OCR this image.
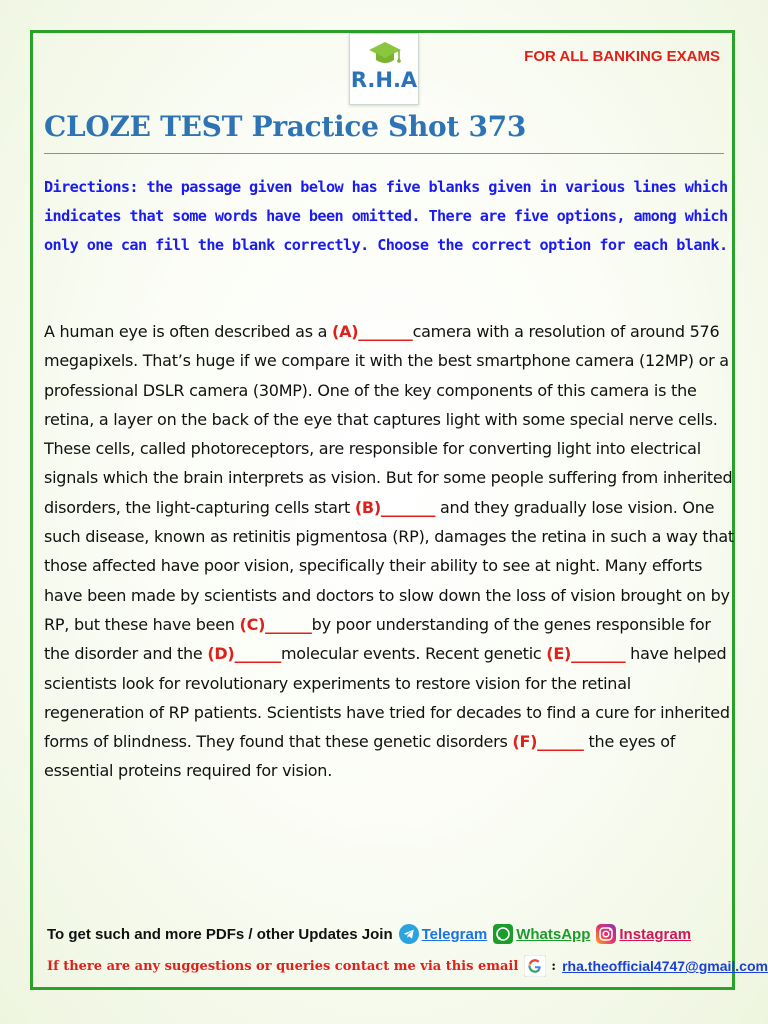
R.H.A
FOR ALL BANKING EXAMS
CLOZE TEST Practice Shot 373

Directions: the passage given below has five blanks given in various lines which indicates that some words have been omitted. There are five options, among which only one can fill the blank correctly. Choose the correct option for each blank.

A human eye is often described as a (A)_______camera with a resolution of around 576 megapixels. That’s huge if we compare it with the best smartphone camera (12MP) or a professional DSLR camera (30MP). One of the key components of this camera is the retina, a layer on the back of the eye that captures light with some special nerve cells. These cells, called photoreceptors, are responsible for converting light into electrical signals which the brain interprets as vision. But for some people suffering from inherited disorders, the light-capturing cells start (B)_______ and they gradually lose vision. One such disease, known as retinitis pigmentosa (RP), damages the retina in such a way that those affected have poor vision, specifically their ability to see at night. Many efforts have been made by scientists and doctors to slow down the loss of vision brought on by RP, but these have been (C)______by poor understanding of the genes responsible for the disorder and the (D)______molecular events. Recent genetic (E)_______ have helped scientists look for revolutionary experiments to restore vision for the retinal regeneration of RP patients. Scientists have tried for decades to find a cure for inherited forms of blindness. They found that these genetic disorders (F)______ the eyes of essential proteins required for vision.

To get such and more PDFs / other Updates Join Telegram WhatsApp Instagram
If there are any suggestions or queries contact me via this email	: rha.theofficial4747@gmail.com
